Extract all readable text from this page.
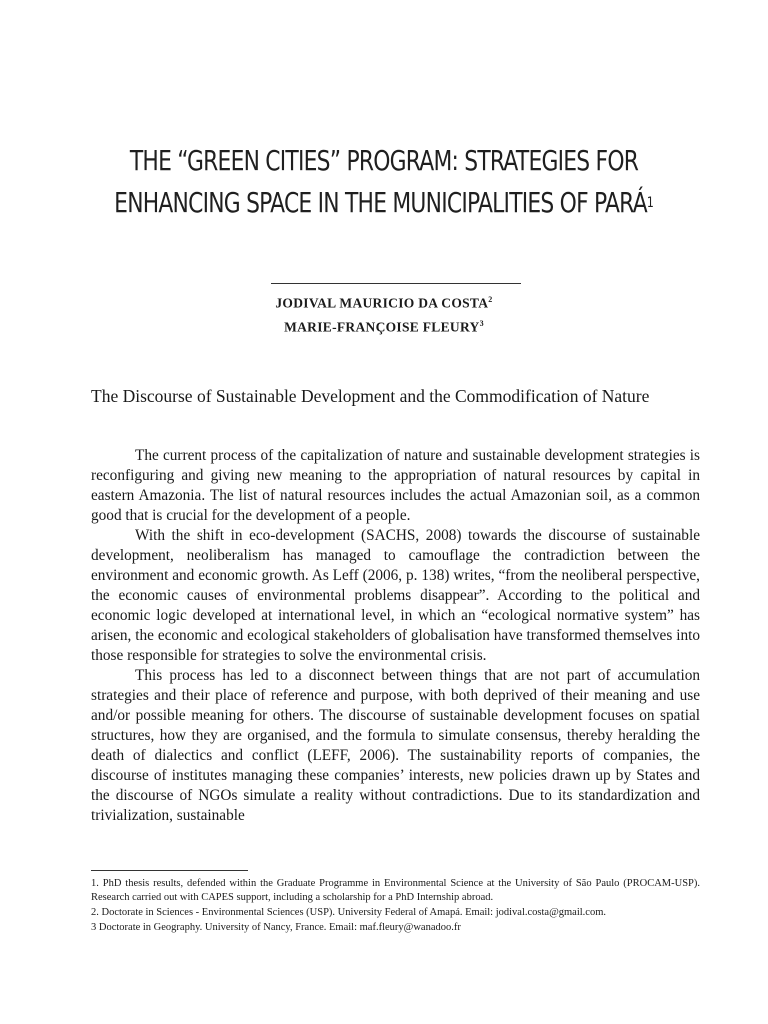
THE “GREEN CITIES” PROGRAM: STRATEGIES FOR
ENHANCING SPACE IN THE MUNICIPALITIES OF PARÁ$^1$
JODIVAL MAURICIO DA COSTA$^2$
MARIE-FRANÇOISE FLEURY$^3$
The Discourse of Sustainable Development and the Commodification of Nature

The current process of the capitalization of nature and sustainable development strategies is reconfiguring and giving new meaning to the appropriation of natural resources by capital in eastern Amazonia. The list of natural resources includes the actual Amazonian soil, as a common good that is crucial for the development of a people.

With the shift in eco-development (SACHS, 2008) towards the discourse of sustainable development, neoliberalism has managed to camouflage the contradiction between the environment and economic growth. As Leff (2006, p. 138) writes, “from the neoliberal perspective, the economic causes of environmental problems disappear”. According to the political and economic logic developed at international level, in which an “ecological normative system” has arisen, the economic and ecological stakeholders of globalisation have transformed themselves into those responsible for strategies to solve the environmental crisis.

This process has led to a disconnect between things that are not part of accumulation strategies and their place of reference and purpose, with both deprived of their meaning and use and/or possible meaning for others. The discourse of sustainable development focuses on spatial structures, how they are organised, and the formula to simulate consensus, thereby heralding the death of dialectics and conflict (LEFF, 2006). The sustainability reports of companies, the discourse of institutes managing these companies’ interests, new policies drawn up by States and the discourse of NGOs simulate a reality without contradictions. Due to its standardization and trivialization, sustainable

1. PhD thesis results, defended within the Graduate Programme in Environmental Science at the University of São Paulo (PROCAM-USP). Research carried out with CAPES support, including a scholarship for a PhD Internship abroad.

2. Doctorate in Sciences - Environmental Sciences (USP). University Federal of Amapá. Email: jodival.costa@gmail.com.

3 Doctorate in Geography. University of Nancy, France. Email: maf.fleury@wanadoo.fr
